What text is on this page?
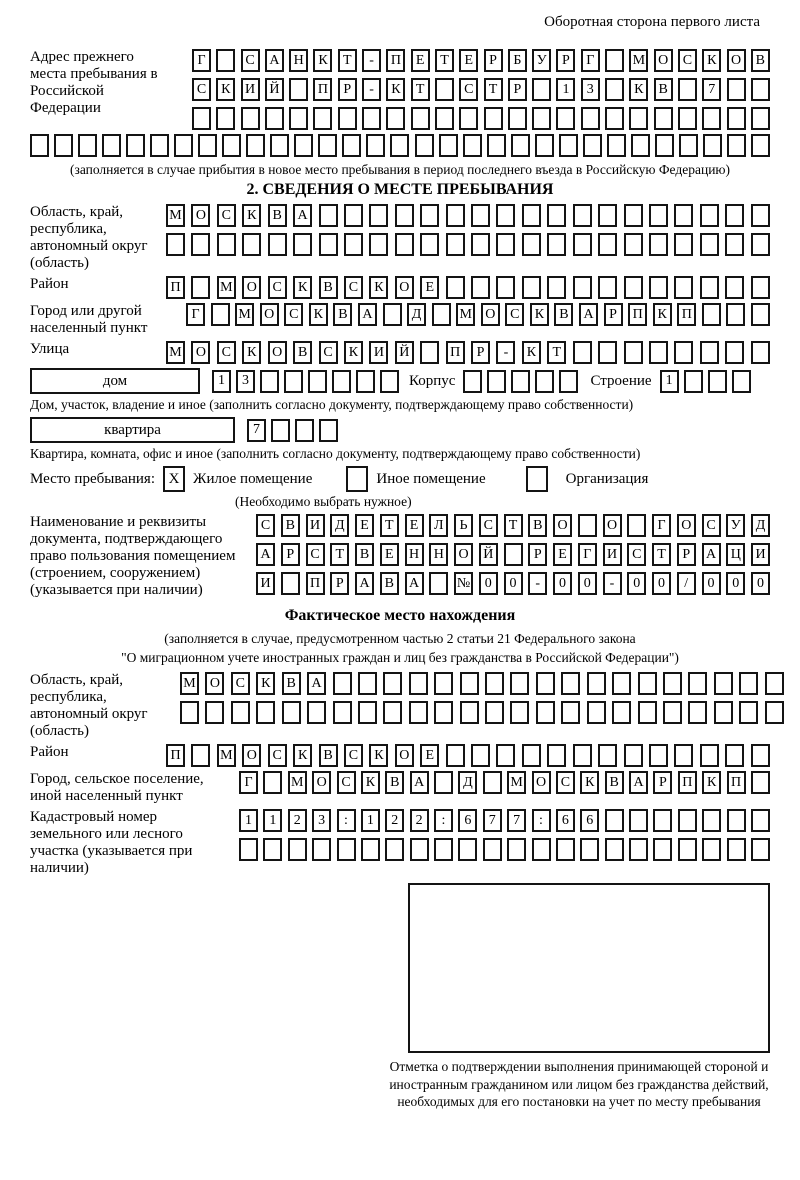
Оборотная сторона первого листа
Адрес прежнего места пребывания в Российской Федерации
Г	С	А	Н	К	Т	-	П	Е	Т	Е	Р	Б	У	Р	Г	М О	С	К	О	В
С	К	И	Й	П	Р	-	К	Т	С	Т	Р	1	3	К	В	7
(заполняется в случае прибытия в новое место пребывания в период последнего въезда в Российскую Федерацию)
2. СВЕДЕНИЯ О МЕСТЕ ПРЕБЫВАНИЯ
Область, край, республика, автономный округ (область)
М	О	С	К	В	А
Район	П	М	О	С	К	В	С	К	О	Е
Город или другой населенный пункт
Г	М О	С	К	В	А	Д	М О	С	К	В	А	Р	П	К	П
Улица	М	О	С	К	О	В	С	К	И	Й	П	Р	-	К	Т
дом	1	3	Корпус	Строение	1
Дом, участок, владение и иное (заполнить согласно документу, подтверждающему право собственности)
квартира	7
Квартира, комната, офис и иное (заполнить согласно документу, подтверждающему право собственности)
Место пребывания: X Жилое помещение	Иное помещение	Организация
(Необходимо выбрать нужное)
Наименование и реквизиты документа, подтверждающего право пользования помещением (строением, сооружением) (указывается при наличии)
С	В	И	Д	Е	Т	Е	Л	Ь	С	Т	В	О	О	Г	О	С	У	Д
А	Р	С	Т	В	Е	Н	Н	О	Й	Р	Е	Г	И	С	Т	Р	А	Ц	И
И	П	Р	А	В	А	№	0	0	-	0	0	-	0	0	/	0	0	0
Фактическое место нахождения
(заполняется в случае, предусмотренном частью 2 статьи 21 Федерального закона
"О миграционном учете иностранных граждан и лиц без гражданства в Российской Федерации")
Область, край, республика, автономный округ (область)
М	О	С	К	В	А
Район	П	М	О	С	К	В	С	К	О	Е
Город, сельское поселение, иной населенный пункт
Г	М О	С	К	В	А	Д	М О	С	К	В	А	Р	П	К	П
Кадастровый номер земельного или лесного участка (указывается при наличии)
1	1	2	3	:	1	2	2	:	6	7	7	:	6	6
Отметка о подтверждении выполнения принимающей стороной и иностранным гражданином или лицом без гражданства действий, необходимых для его постановки на учет по месту пребывания
